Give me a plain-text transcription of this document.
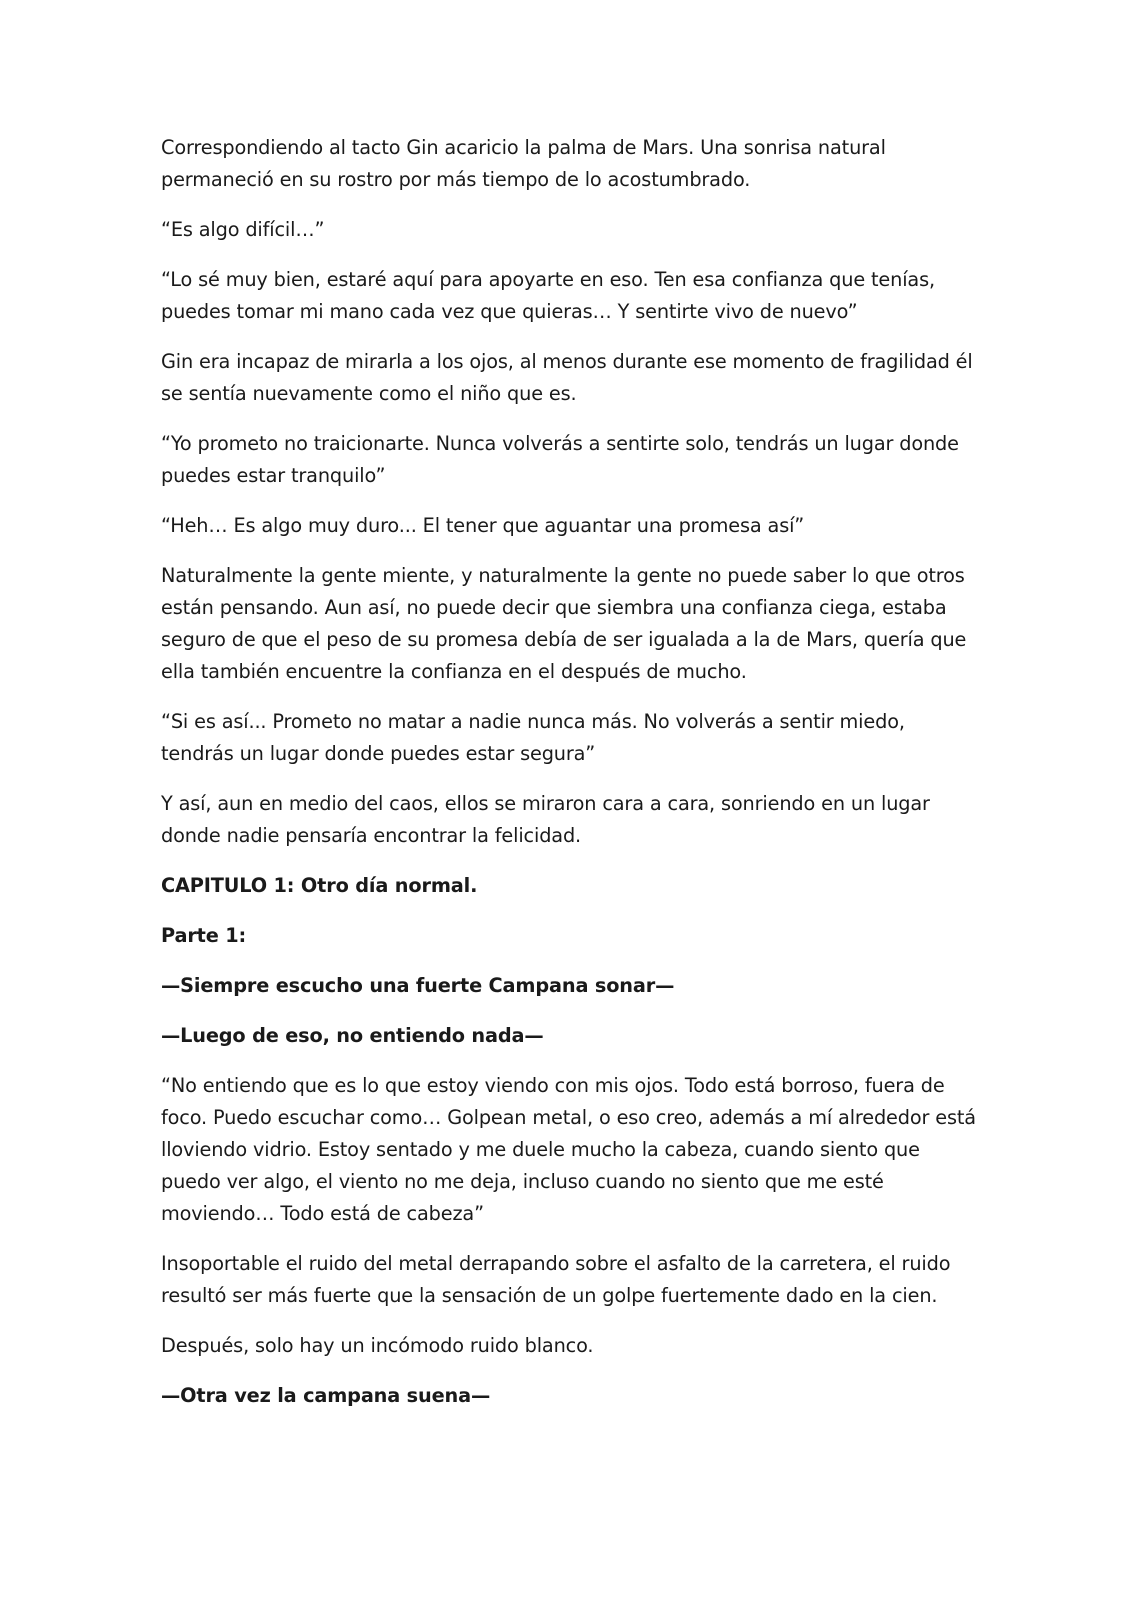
Correspondiendo al tacto Gin acaricio la palma de Mars. Una sonrisa natural permaneció en su rostro por más tiempo de lo acostumbrado.

“Es algo difícil…”

“Lo sé muy bien, estaré aquí para apoyarte en eso. Ten esa confianza que tenías, puedes tomar mi mano cada vez que quieras… Y sentirte vivo de nuevo”

Gin era incapaz de mirarla a los ojos, al menos durante ese momento de fragilidad él se sentía nuevamente como el niño que es.

“Yo prometo no traicionarte. Nunca volverás a sentirte solo, tendrás un lugar donde puedes estar tranquilo”

“Heh… Es algo muy duro... El tener que aguantar una promesa así”

Naturalmente la gente miente, y naturalmente la gente no puede saber lo que otros están pensando. Aun así, no puede decir que siembra una confianza ciega, estaba seguro de que el peso de su promesa debía de ser igualada a la de Mars, quería que ella también encuentre la confianza en el después de mucho.

“Si es así... Prometo no matar a nadie nunca más. No volverás a sentir miedo, tendrás un lugar donde puedes estar segura”

Y así, aun en medio del caos, ellos se miraron cara a cara, sonriendo en un lugar donde nadie pensaría encontrar la felicidad.

CAPITULO 1: Otro día normal.

Parte 1:

—Siempre escucho una fuerte Campana sonar—

—Luego de eso, no entiendo nada—

“No entiendo que es lo que estoy viendo con mis ojos. Todo está borroso, fuera de foco. Puedo escuchar como… Golpean metal, o eso creo, además a mí alrededor está lloviendo vidrio. Estoy sentado y me duele mucho la cabeza, cuando siento que puedo ver algo, el viento no me deja, incluso cuando no siento que me esté moviendo… Todo está de cabeza”

Insoportable el ruido del metal derrapando sobre el asfalto de la carretera, el ruido resultó ser más fuerte que la sensación de un golpe fuertemente dado en la cien.

Después, solo hay un incómodo ruido blanco.

—Otra vez la campana suena—
